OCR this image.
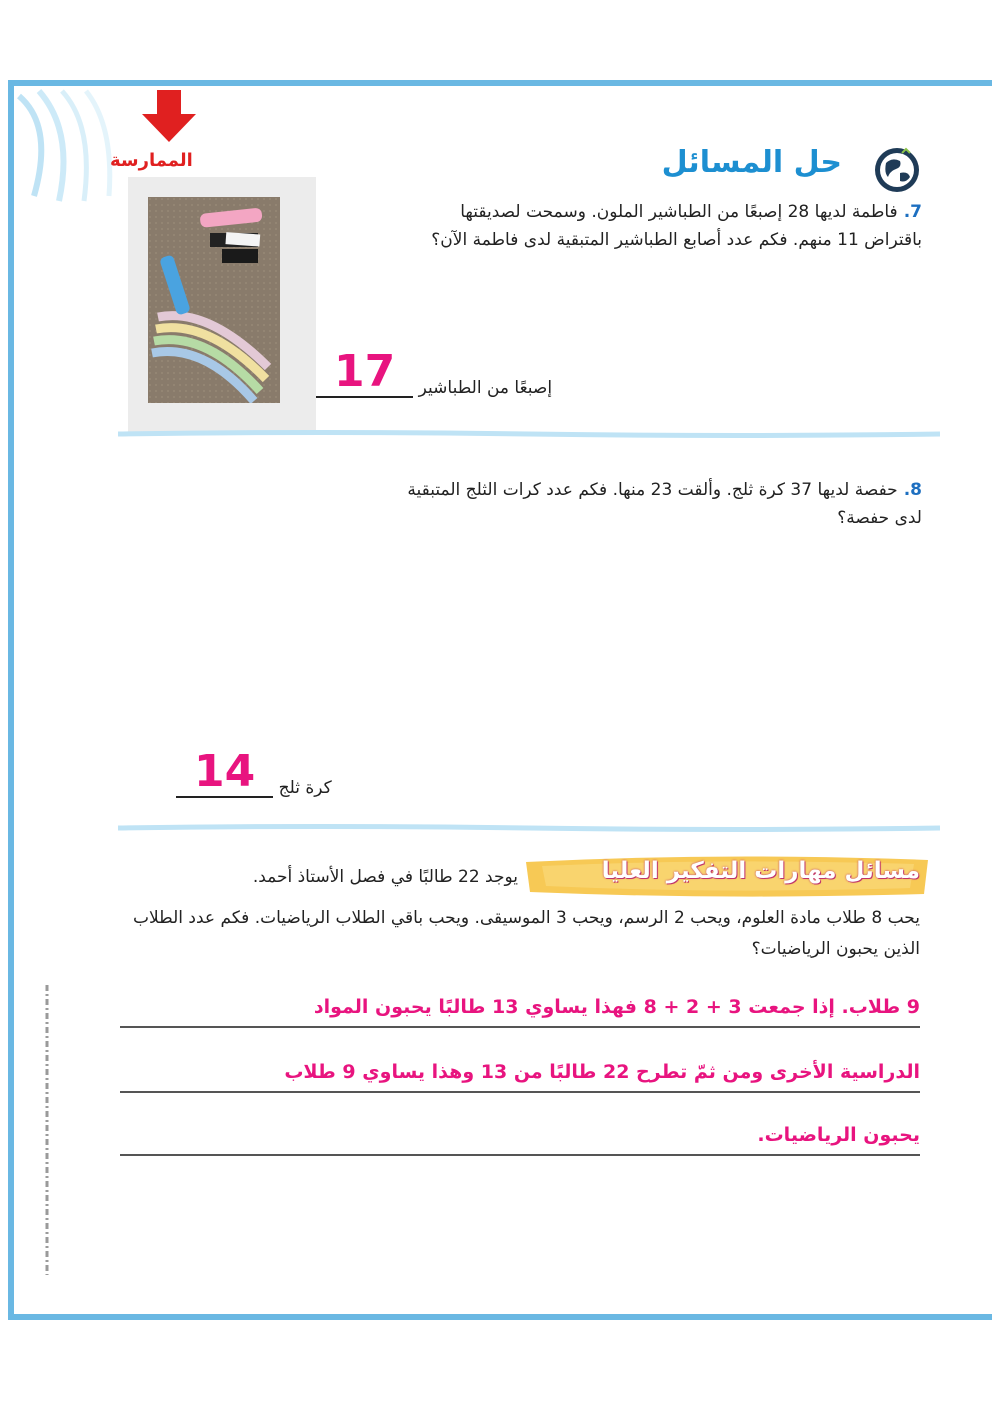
الممارسة	حل المسائل
7.فاطمة لديها 28 إصبعًا من الطباشير الملون. وسمحت لصديقتها باقتراض 11 منهم. فكم عدد أصابع الطباشير المتبقية لدى فاطمة الآن؟
إصبعًا من الطباشير 17
8.حفصة لديها 37 كرة ثلج. وألقت 23 منها. فكم عدد كرات الثلج المتبقية لدى حفصة؟
كرة ثلج 14
مسائل مهارات التفكير العليا
يوجد 22 طالبًا في فصل الأستاذ أحمد.
يحب 8 طلاب مادة العلوم، ويحب 2 الرسم، ويحب 3 الموسيقى. ويحب باقي الطلاب الرياضيات. فكم عدد الطلاب الذين يحبون الرياضيات؟
9 طلاب. إذا جمعت 3 + 2 + 8 فهذا يساوي 13 طالبًا يحبون المواد
الدراسية الأخرى ومن ثمّ تطرح 22 طالبًا من 13 وهذا يساوي 9 طلاب
يحبون الرياضيات.
